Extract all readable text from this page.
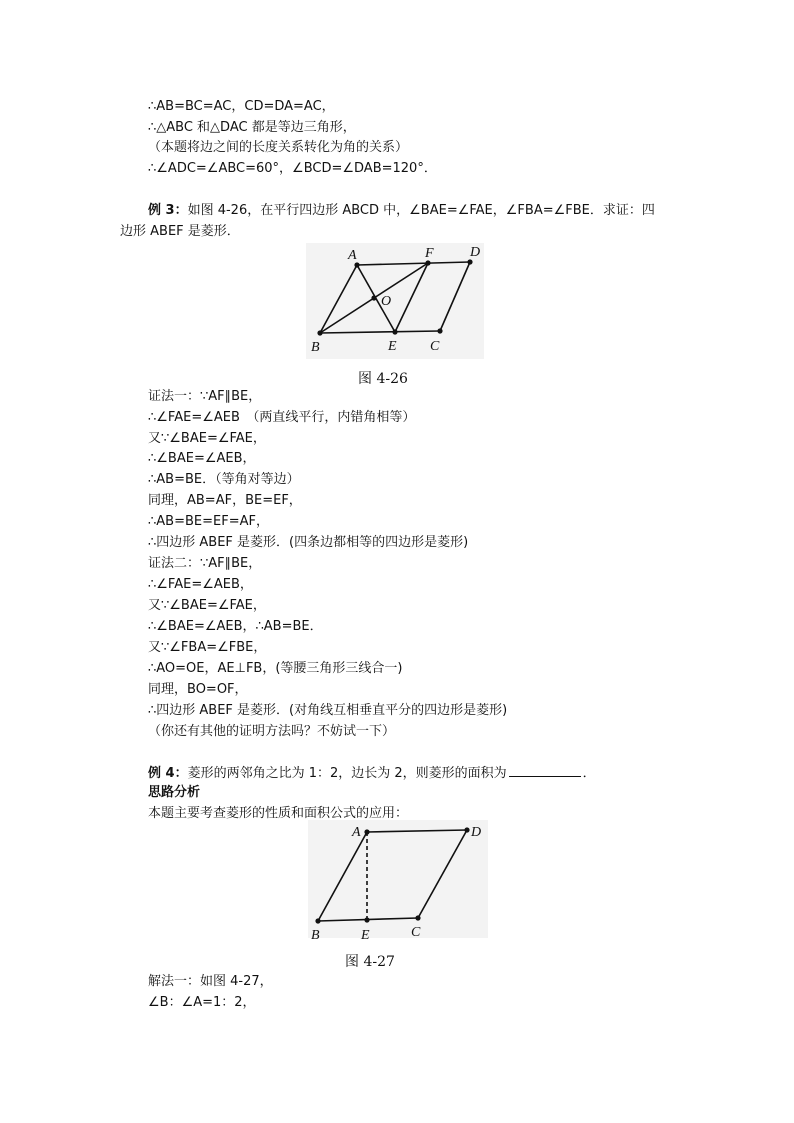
∴AB=BC=AC，CD=DA=AC，
∴△ABC 和△DAC 都是等边三角形，
（本题将边之间的长度关系转化为角的关系）
∴∠ADC=∠ABC=60°，∠BCD=∠DAB=120°．
例 3：如图 4-26，在平行四边形 ABCD 中，∠BAE=∠FAE，∠FBA=∠FBE．求证：四
边形 ABEF 是菱形．
A	F	D
O
B	E C
A	D
B	E	C
图 4-26
证法一：∵AF∥BE，
∴∠FAE=∠AEB　（两直线平行，内错角相等）
又∵∠BAE=∠FAE，
∴∠BAE=∠AEB，
∴AB=BE．（等角对等边）
同理，AB=AF，BE=EF，
∴AB=BE=EF=AF，
∴四边形 ABEF 是菱形．(四条边都相等的四边形是菱形)
证法二：∵AF∥BE，
∴∠FAE=∠AEB，
又∵∠BAE=∠FAE，
∴∠BAE=∠AEB，∴AB=BE．
又∵∠FBA=∠FBE，
∴AO=OE，AE⊥FB，(等腰三角形三线合一)
同理，BO=OF，
∴四边形 ABEF 是菱形．(对角线互相垂直平分的四边形是菱形)
（你还有其他的证明方法吗？不妨试一下）
例 4：菱形的两邻角之比为 1：2，边长为 2，则菱形的面积为	．
思路分析
本题主要考查菱形的性质和面积公式的应用：
图 4-27
解法一：如图 4-27，
∠B：∠A=1：2，
